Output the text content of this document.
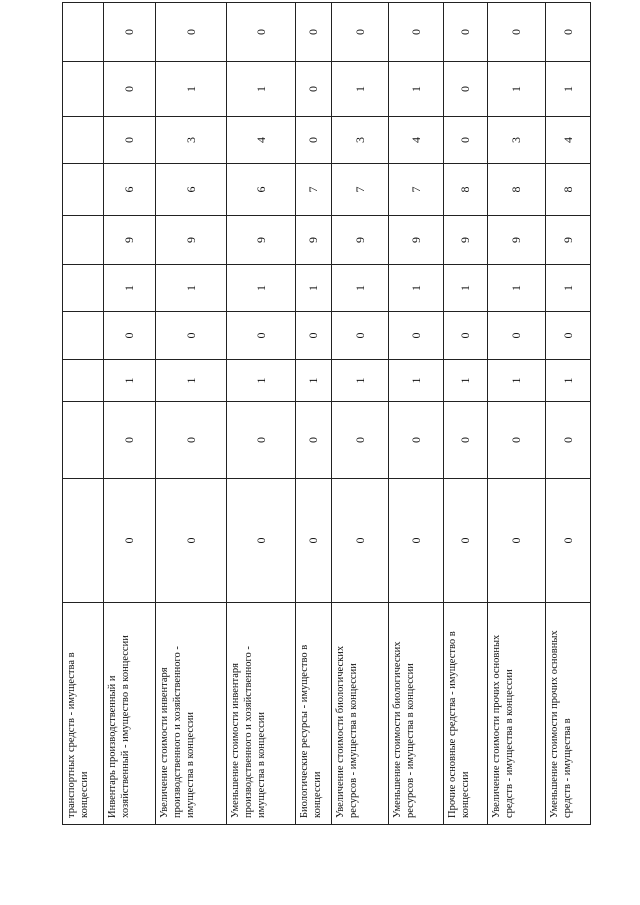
транспортных средств - имущества в концессии										
Инвентарь производственный и хозяйственный - имущество в концессии	0	0	1	0	1	9	6	0	0	0
Увеличение стоимости инвентаря производственного и хозяйственного - имущества в концессии	0	0	1	0	1	9	6	3	1	0
Уменьшение стоимости инвентаря производственного и хозяйственного - имущества в концессии	0	0	1	0	1	9	6	4	1	0
Биологические ресурсы - имущество в концессии	0	0	1	0	1	9	7	0	0	0
Увеличение стоимости биологических ресурсов - имущества в концессии	0	0	1	0	1	9	7	3	1	0
Уменьшение стоимости биологических ресурсов - имущества в концессии	0	0	1	0	1	9	7	4	1	0
Прочие основные средства - имущество в концессии	0	0	1	0	1	9	8	0	0	0
Увеличение стоимости прочих основных средств - имущества в концессии	0	0	1	0	1	9	8	3	1	0
Уменьшение стоимости прочих основных средств - имущества в	0	0	1	0	1	9	8	4	1	0
